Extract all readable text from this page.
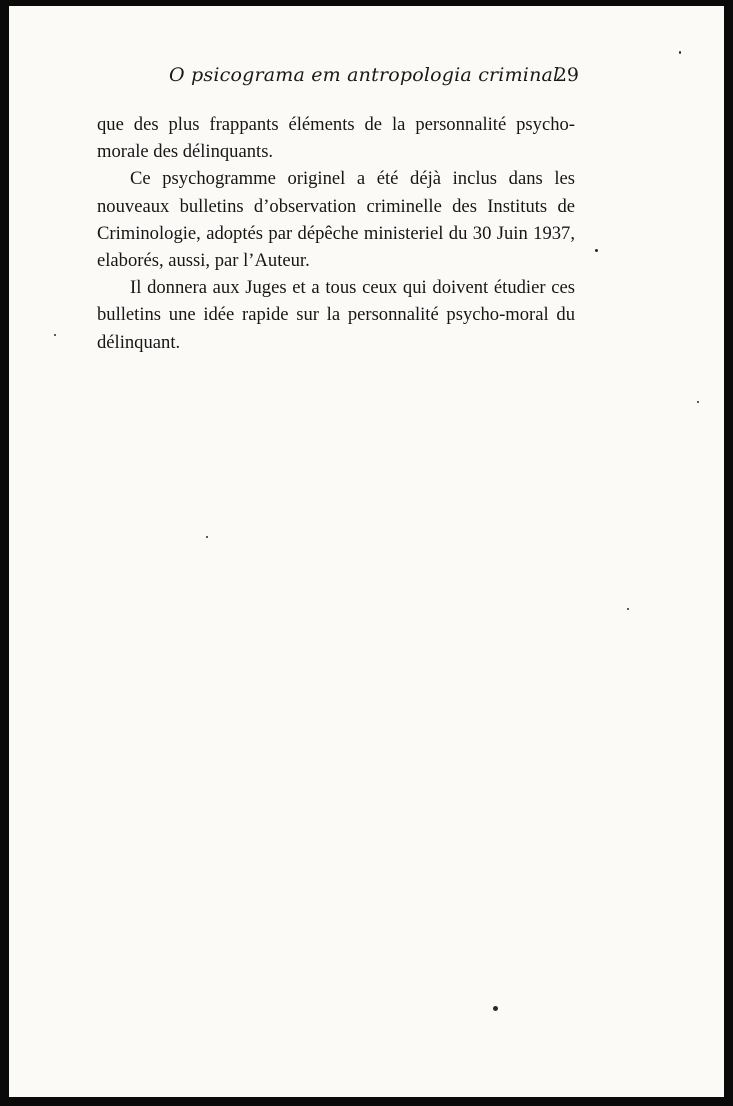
O psicograma em antropologia criminal
29

que des plus frappants éléments de la personnalité psycho-morale des délinquants.

Ce psychogramme originel a été déjà inclus dans les nouveaux bulletins d’observation criminelle des Instituts de Criminologie, adoptés par dépêche ministeriel du 30 Juin 1937, elaborés, aussi, par l’Auteur.

Il donnera aux Juges et a tous ceux qui doivent étudier ces bulletins une idée rapide sur la personnalité psycho-moral du délinquant.
